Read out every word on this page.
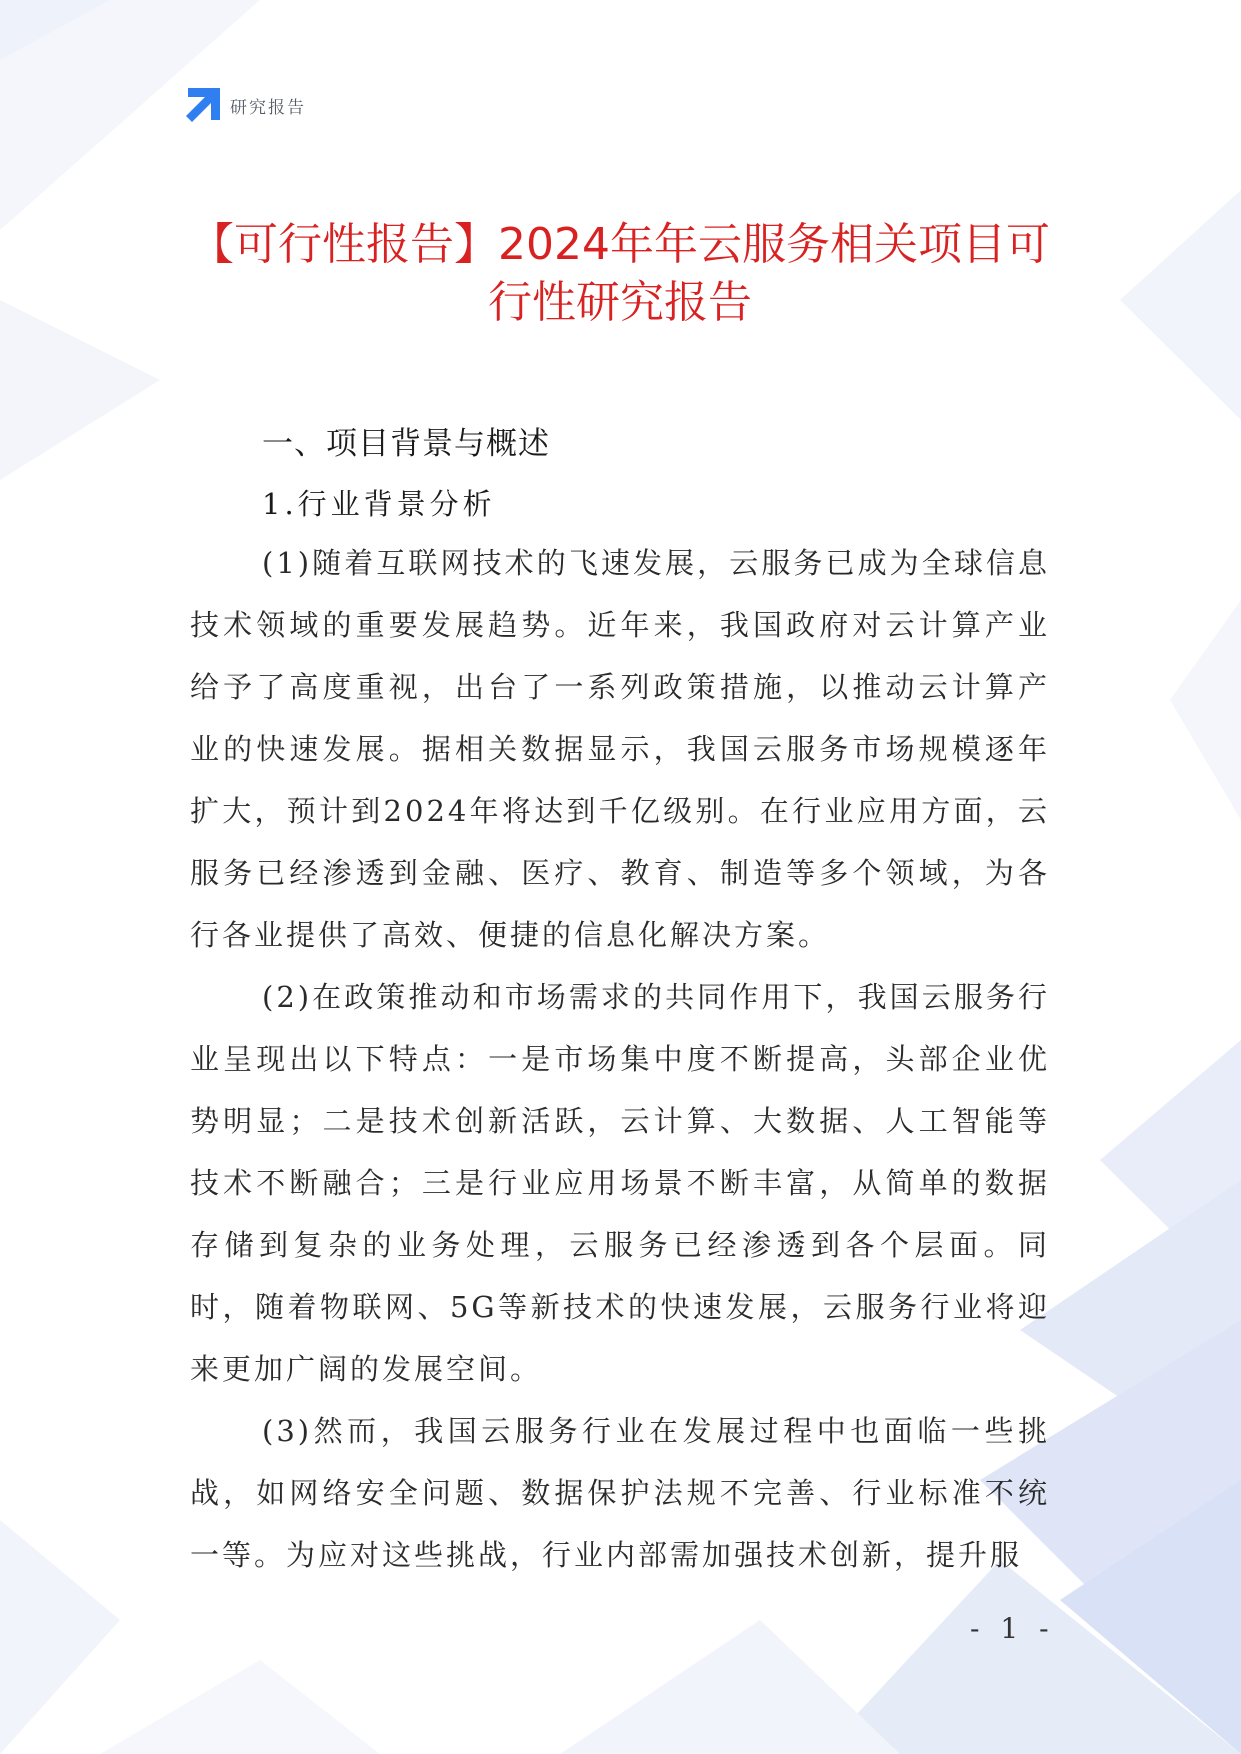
研究报告
【可行性报告】2024年年云服务相关项目可行性研究报告
一、项目背景与概述
1.行业背景分析

(1)随着互联网技术的飞速发展，云服务已成为全球信息技术领域的重要发展趋势。近年来，我国政府对云计算产业给予了高度重视，出台了一系列政策措施，以推动云计算产业的快速发展。据相关数据显示，我国云服务市场规模逐年扩大，预计到2024年将达到千亿级别。在行业应用方面，云服务已经渗透到金融、医疗、教育、制造等多个领域，为各行各业提供了高效、便捷的信息化解决方案。

(2)在政策推动和市场需求的共同作用下，我国云服务行业呈现出以下特点：一是市场集中度不断提高，头部企业优势明显；二是技术创新活跃，云计算、大数据、人工智能等技术不断融合；三是行业应用场景不断丰富，从简单的数据存储到复杂的业务处理，云服务已经渗透到各个层面。同时，随着物联网、5G等新技术的快速发展，云服务行业将迎来更加广阔的发展空间。

(3)然而，我国云服务行业在发展过程中也面临一些挑战，如网络安全问题、数据保护法规不完善、行业标准不统一等。为应对这些挑战，行业内部需加强技术创新，提升服

- 1 -
